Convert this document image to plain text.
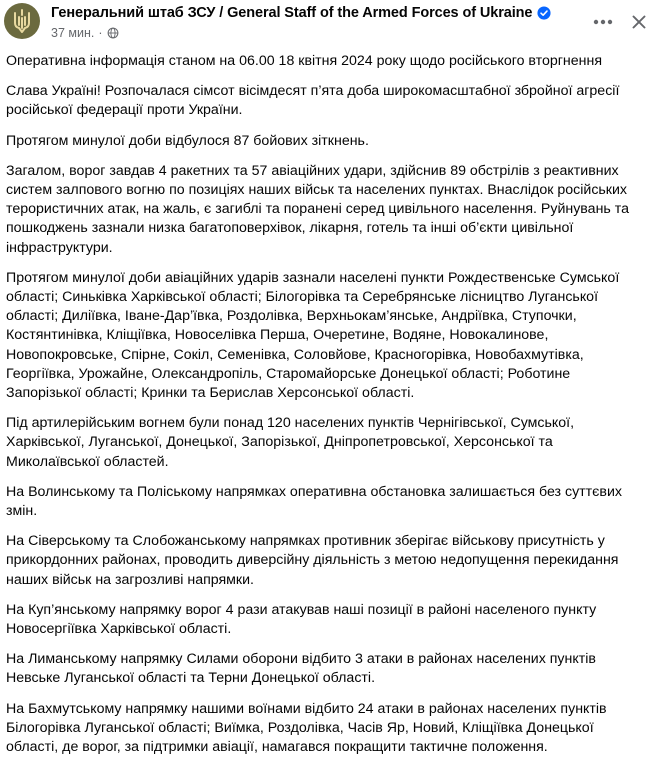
Генеральний штаб ЗСУ / General Staff of the Armed Forces of Ukraine
37 мин. ·

Оперативна інформація станом на 06.00 18 квітня 2024 року щодо російського вторгнення

Слава Україні! Розпочалася сімсот вісімдесят п’ята доба широкомасштабної збройної агресії російської федерації проти України.

Протягом минулої доби відбулося 87 бойових зіткнень.

Загалом, ворог завдав 4 ракетних та 57 авіаційних удари, здійснив 89 обстрілів з реактивних систем залпового вогню по позиціях наших військ та населених пунктах. Внаслідок російських терористичних атак, на жаль, є загиблі та поранені серед цивільного населення. Руйнувань та пошкоджень зазнали низка багатоповерхівок, лікарня, готель та інші об’єкти цивільної інфраструктури.

Протягом минулої доби авіаційних ударів зазнали населені пункти Рождественське Сумської області; Синьківка Харківської області; Білогорівка та Серебрянське лісництво Луганської області; Диліївка, Іване-Дар’ївка, Роздолівка, Верхньокам’янське, Андріївка, Ступочки, Костянтинівка, Кліщіївка, Новоселівка Перша, Очеретине, Водяне, Новокалинове, Новопокровське, Спірне, Сокіл, Семенівка, Соловйове, Красногорівка, Новобахмутівка, Георгіївка, Урожайне, Олександропіль, Старомайорське Донецької області; Роботине Запорізької області; Кринки та Берислав Херсонської області.

Під артилерійським вогнем були понад 120 населених пунктів Чернігівської, Сумської, Харківської, Луганської, Донецької, Запорізької, Дніпропетровської, Херсонської та Миколаївської областей.

На Волинському та Поліському напрямках оперативна обстановка залишається без суттєвих змін.

На Сіверському та Слобожанському напрямках противник зберігає військову присутність у прикордонних районах, проводить диверсійну діяльність з метою недопущення перекидання наших військ на загрозливі напрямки.

На Куп’янському напрямку ворог 4 рази атакував наші позиції в районі населеного пункту Новосергіївка Харківської області.

На Лиманському напрямку Силами оборони відбито 3 атаки в районах населених пунктів Невське Луганської області та Терни Донецької області.

На Бахмутському напрямку нашими воїнами відбито 24 атаки в районах населених пунктів Білогорівка Луганської області; Виїмка, Роздолівка, Часів Яр, Новий, Кліщіївка Донецької області, де ворог, за підтримки авіації, намагався покращити тактичне положення.
